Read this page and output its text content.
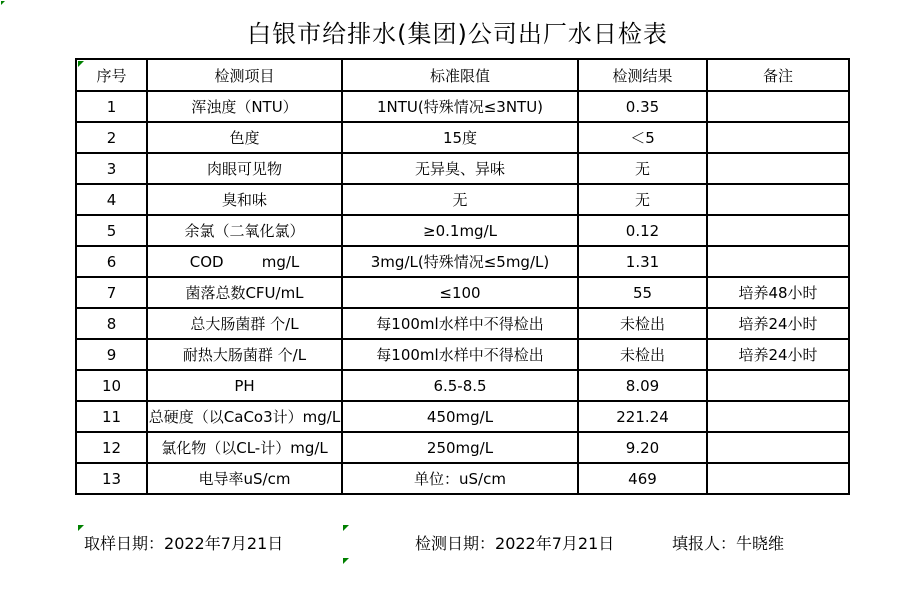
白银市给排水(集团)公司出厂水日检表
序号	检测项目	标准限值	检测结果	备注
1	浑浊度（NTU）	1NTU(特殊情况≤3NTU)	0.35	
2	色度	15度	＜5	
3	肉眼可见物	无异臭、异味	无	
4	臭和味	无	无	
5	余氯（二氧化氯）	≥0.1mg/L	0.12	
6	COD        mg/L	3mg/L(特殊情况≤5mg/L)	1.31	
7	菌落总数CFU/mL	≤100	55	培养48小时
8	总大肠菌群 个/L	每100ml水样中不得检出	未检出	培养24小时
9	耐热大肠菌群 个/L	每100ml水样中不得检出	未检出	培养24小时
10	PH	6.5-8.5	8.09	
11	总硬度（以CaCo3计）mg/L	450mg/L	221.24	
12	氯化物（以CL-计）mg/L	250mg/L	9.20	
13	电导率uS/cm	单位：uS/cm	469	
取样日期：2022年7月21日	检测日期：2022年7月21日	填报人：牛晓维
